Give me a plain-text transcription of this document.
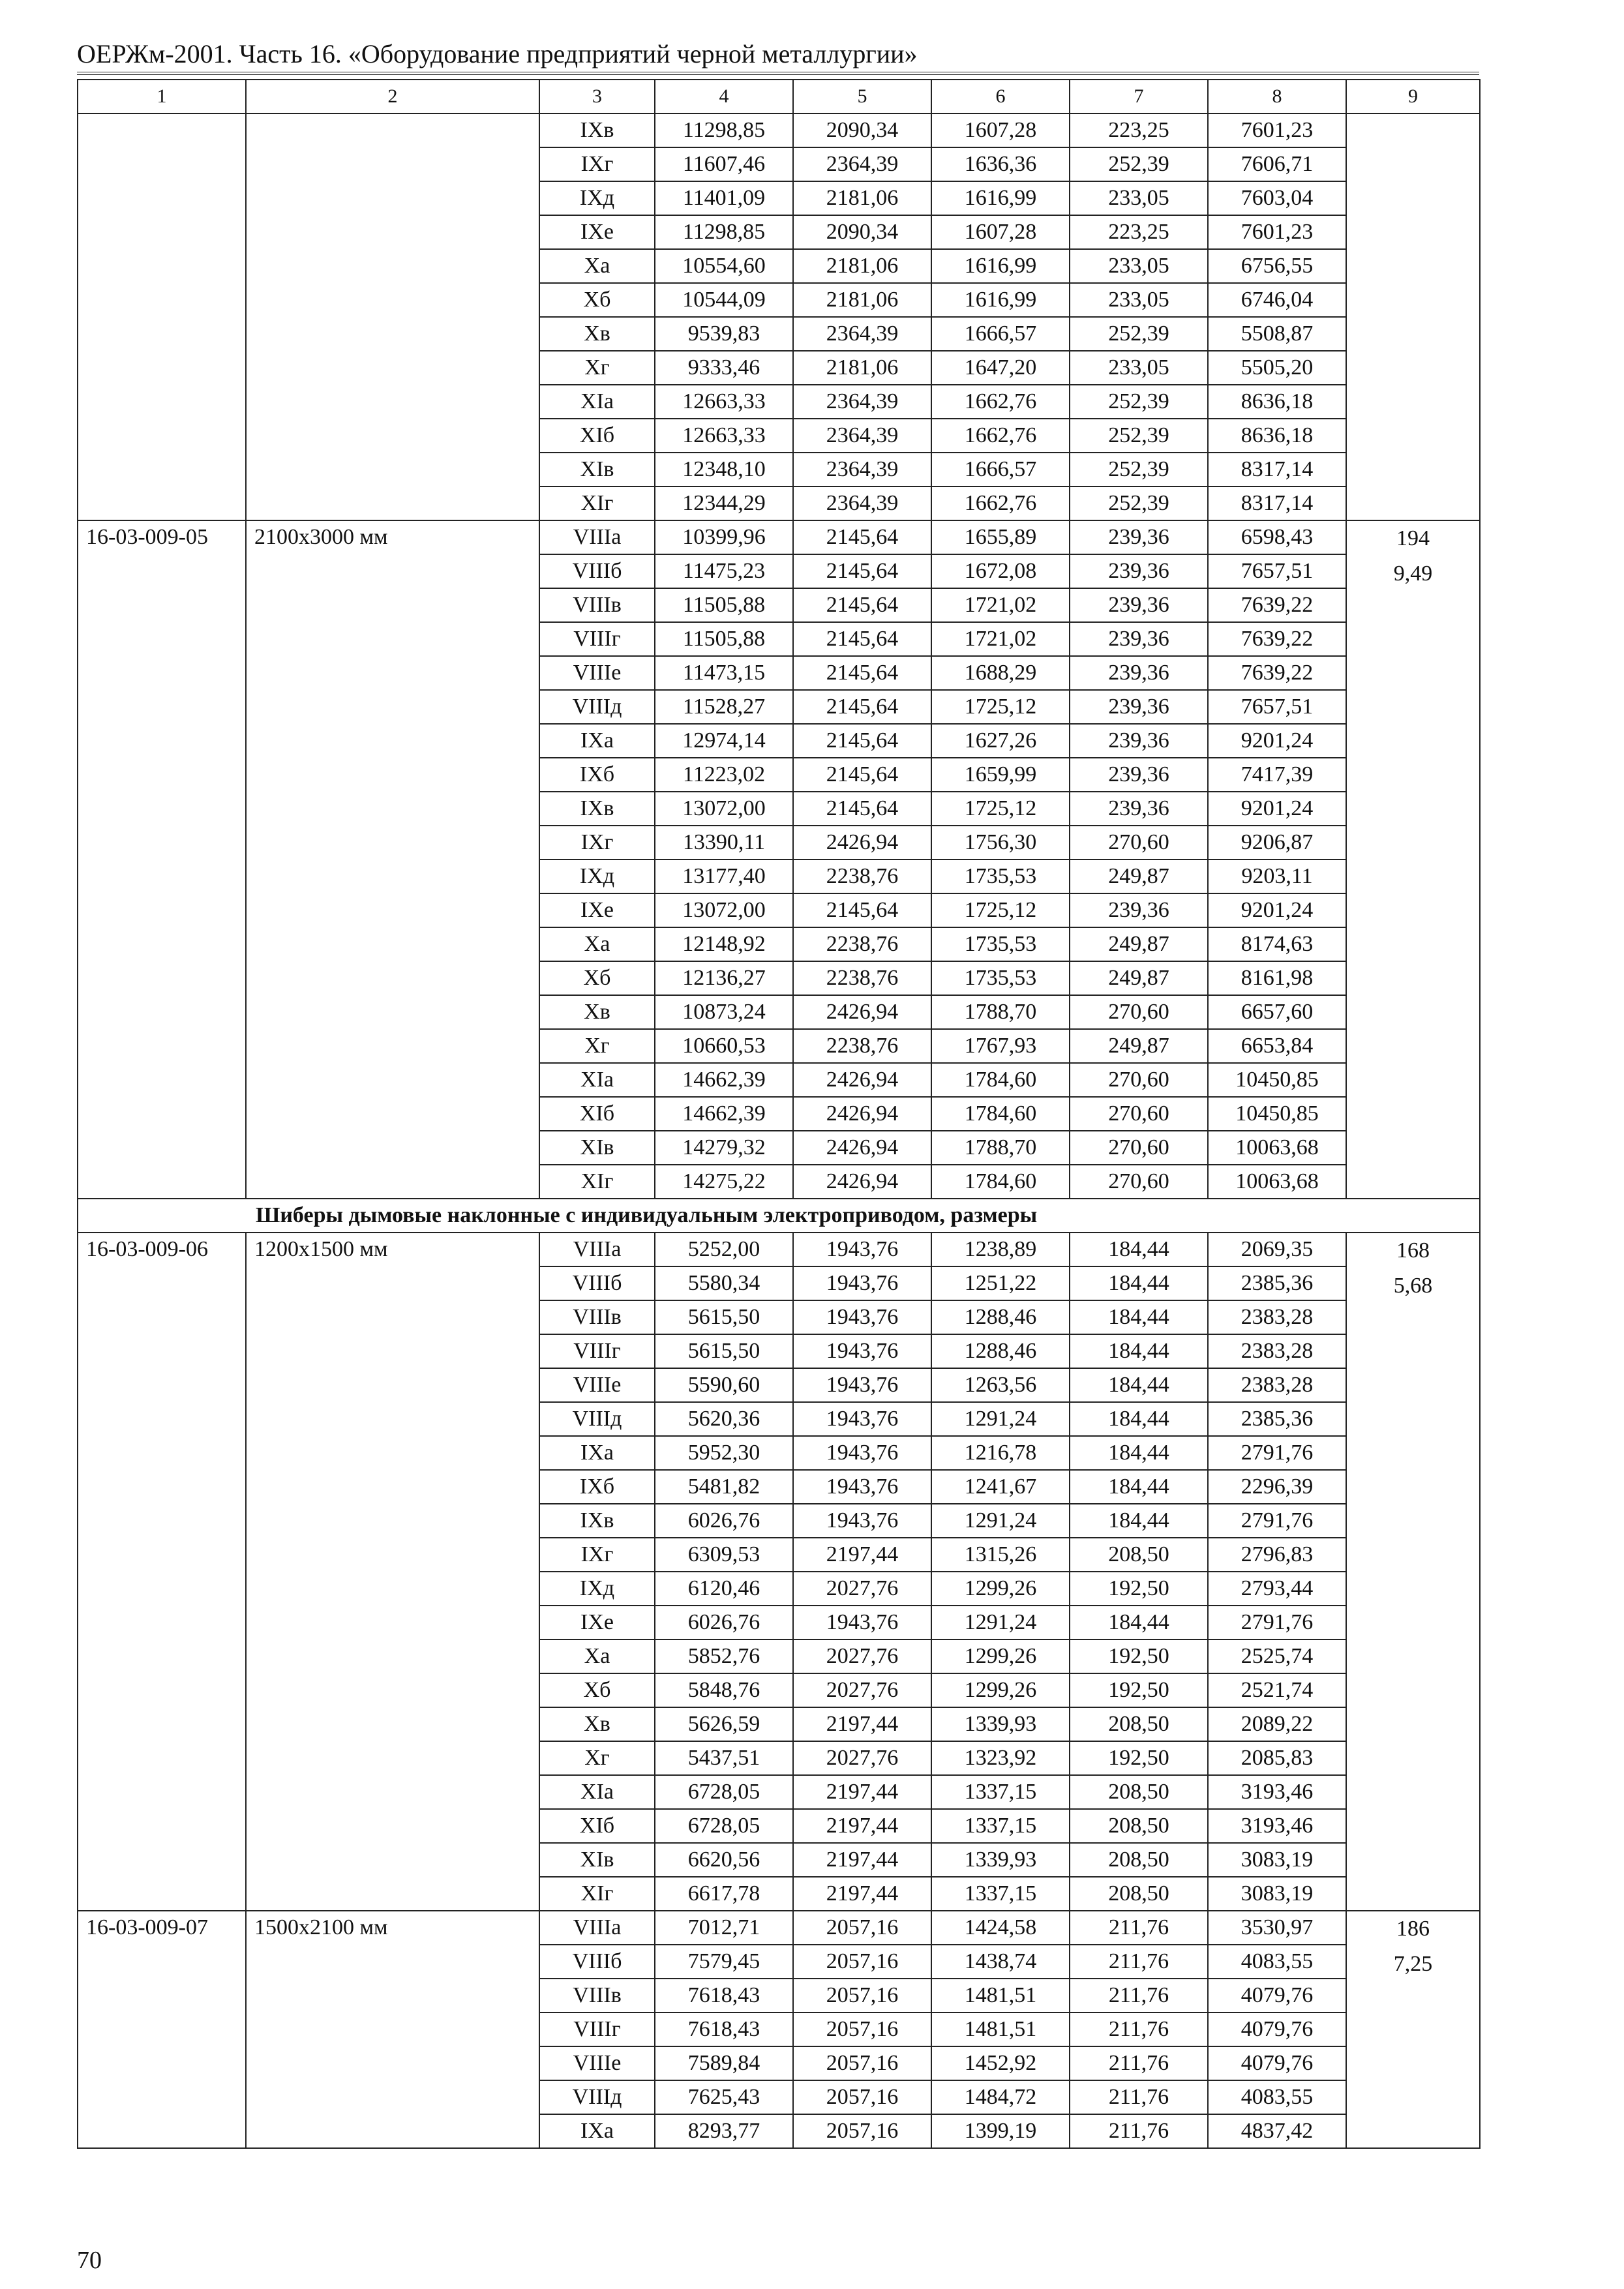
ОЕРЖм-2001. Часть 16. «Оборудование предприятий черной металлургии»
1	2	3	4	5	6	7	8	9
		IXв	11298,85	2090,34	1607,28	223,25	7601,23	
		IXг	11607,46	2364,39	1636,36	252,39	7606,71	
		IXд	11401,09	2181,06	1616,99	233,05	7603,04	
		IXе	11298,85	2090,34	1607,28	223,25	7601,23	
		Xa	10554,60	2181,06	1616,99	233,05	6756,55	
		Xб	10544,09	2181,06	1616,99	233,05	6746,04	
		Xв	9539,83	2364,39	1666,57	252,39	5508,87	
		Xг	9333,46	2181,06	1647,20	233,05	5505,20	
		XIa	12663,33	2364,39	1662,76	252,39	8636,18	
		XIб	12663,33	2364,39	1662,76	252,39	8636,18	
		XIв	12348,10	2364,39	1666,57	252,39	8317,14	
		XIг	12344,29	2364,39	1662,76	252,39	8317,14	
16-03-009-05	2100x3000 мм	VIIIa	10399,96	2145,64	1655,89	239,36	6598,43	194
9,49

		VIIIб	11475,23	2145,64	1672,08	239,36	7657,51	
		VIIIв	11505,88	2145,64	1721,02	239,36	7639,22	
		VIIIг	11505,88	2145,64	1721,02	239,36	7639,22	
		VIIIе	11473,15	2145,64	1688,29	239,36	7639,22	
		VIIIд	11528,27	2145,64	1725,12	239,36	7657,51	
		IXa	12974,14	2145,64	1627,26	239,36	9201,24	
		IXб	11223,02	2145,64	1659,99	239,36	7417,39	
		IXв	13072,00	2145,64	1725,12	239,36	9201,24	
		IXг	13390,11	2426,94	1756,30	270,60	9206,87	
		IXд	13177,40	2238,76	1735,53	249,87	9203,11	
		IXе	13072,00	2145,64	1725,12	239,36	9201,24	
		Xa	12148,92	2238,76	1735,53	249,87	8174,63	
		Xб	12136,27	2238,76	1735,53	249,87	8161,98	
		Xв	10873,24	2426,94	1788,70	270,60	6657,60	
		Xг	10660,53	2238,76	1767,93	249,87	6653,84	
		XIa	14662,39	2426,94	1784,60	270,60	10450,85	
		XIб	14662,39	2426,94	1784,60	270,60	10450,85	
		XIв	14279,32	2426,94	1788,70	270,60	10063,68	
		XIг	14275,22	2426,94	1784,60	270,60	10063,68	
Шиберы дымовые наклонные с индивидуальным электроприводом, размеры								
16-03-009-06	1200x1500 мм	VIIIa	5252,00	1943,76	1238,89	184,44	2069,35	168
5,68

		VIIIб	5580,34	1943,76	1251,22	184,44	2385,36	
		VIIIв	5615,50	1943,76	1288,46	184,44	2383,28	
		VIIIг	5615,50	1943,76	1288,46	184,44	2383,28	
		VIIIе	5590,60	1943,76	1263,56	184,44	2383,28	
		VIIIд	5620,36	1943,76	1291,24	184,44	2385,36	
		IXa	5952,30	1943,76	1216,78	184,44	2791,76	
		IXб	5481,82	1943,76	1241,67	184,44	2296,39	
		IXв	6026,76	1943,76	1291,24	184,44	2791,76	
		IXг	6309,53	2197,44	1315,26	208,50	2796,83	
		IXд	6120,46	2027,76	1299,26	192,50	2793,44	
		IXе	6026,76	1943,76	1291,24	184,44	2791,76	
		Xa	5852,76	2027,76	1299,26	192,50	2525,74	
		Xб	5848,76	2027,76	1299,26	192,50	2521,74	
		Xв	5626,59	2197,44	1339,93	208,50	2089,22	
		Xг	5437,51	2027,76	1323,92	192,50	2085,83	
		XIa	6728,05	2197,44	1337,15	208,50	3193,46	
		XIб	6728,05	2197,44	1337,15	208,50	3193,46	
		XIв	6620,56	2197,44	1339,93	208,50	3083,19	
		XIг	6617,78	2197,44	1337,15	208,50	3083,19	
16-03-009-07	1500x2100 мм	VIIIa	7012,71	2057,16	1424,58	211,76	3530,97	186
7,25

		VIIIб	7579,45	2057,16	1438,74	211,76	4083,55	
		VIIIв	7618,43	2057,16	1481,51	211,76	4079,76	
		VIIIг	7618,43	2057,16	1481,51	211,76	4079,76	
		VIIIе	7589,84	2057,16	1452,92	211,76	4079,76	
		VIIIд	7625,43	2057,16	1484,72	211,76	4083,55	
		IXa	8293,77	2057,16	1399,19	211,76	4837,42	
70
